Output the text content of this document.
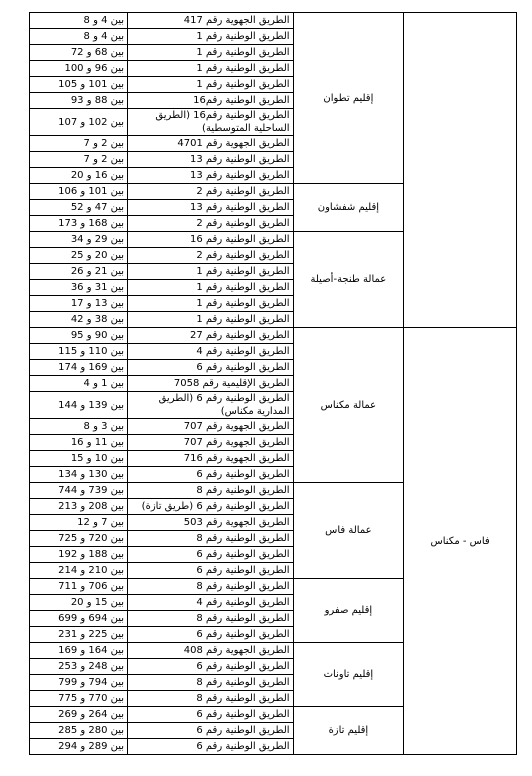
	إقليم تطوان	الطريق الجهوية رقم 417	بين 4 و 8
		الطريق الوطنية رقم 1	بين 4 و 8
		الطريق الوطنية رقم 1	بين 68 و 72
		الطريق الوطنية رقم 1	بين 96 و 100
		الطريق الوطنية رقم 1	بين 101 و 105
		الطريق الوطنية رقم16	بين 88 و 93
		الطريق الوطنية رقم16 (الطريق الساحلية المتوسطية)	بين 102 و 107
		الطريق الجهوية رقم 4701	بين 2 و 7
		الطريق الوطنية رقم 13	بين 2 و 7
		الطريق الوطنية رقم 13	بين 16 و 20
	إقليم شفشاون	الطريق الوطنية رقم 2	بين 101 و 106
		الطريق الوطنية رقم 13	بين 47 و 52
		الطريق الوطنية رقم 2	بين 168 و 173
	عمالة طنجة-أصيلة	الطريق الوطنية رقم 16	بين 29 و 34
		الطريق الوطنية رقم 2	بين 20 و 25
		الطريق الوطنية رقم 1	بين 21 و 26
		الطريق الوطنية رقم 1	بين 31 و 36
		الطريق الوطنية رقم 1	بين 13 و 17
		الطريق الوطنية رقم 1	بين 38 و 42
فاس - مكناس	عمالة مكناس	الطريق الوطنية رقم 27	بين 90 و 95
		الطريق الوطنية رقم 4	بين 110 و 115
		الطريق الوطنية رقم 6	بين 169 و 174
		الطريق الإقليمية رقم 7058	بين 1 و 4
		الطريق الوطنية رقم 6 (الطريق المدارية مكناس)	بين 139 و 144
		الطريق الجهوية رقم 707	بين 3 و 8
		الطريق الجهوية رقم 707	بين 11 و 16
		الطريق الجهوية رقم 716	بين 10 و 15
		الطريق الوطنية رقم 6	بين 130 و 134
	عمالة فاس	الطريق الوطنية رقم 8	بين 739 و 744
		الطريق الوطنية رقم 6 (طريق تازة)	بين 208 و 213
		الطريق الجهوية رقم 503	بين 7 و 12
		الطريق الوطنية رقم 8	بين 720 و 725
		الطريق الوطنية رقم 6	بين 188 و 192
		الطريق الوطنية رقم 6	بين 210 و 214
	إقليم صفرو	الطريق الوطنية رقم 8	بين 706 و 711
		الطريق الوطنية رقم 4	بين 15 و 20
		الطريق الوطنية رقم 8	بين 694 و 699
		الطريق الوطنية رقم 6	بين 225 و 231
	إقليم تاونات	الطريق الجهوية رقم 408	بين 164 و 169
		الطريق الوطنية رقم 6	بين 248 و 253
		الطريق الوطنية رقم 8	بين 794 و 799
		الطريق الوطنية رقم 8	بين 770 و 775
	إقليم تازة	الطريق الوطنية رقم 6	بين 264 و 269
		الطريق الوطنية رقم 6	بين 280 و 285
		الطريق الوطنية رقم 6	بين 289 و 294
